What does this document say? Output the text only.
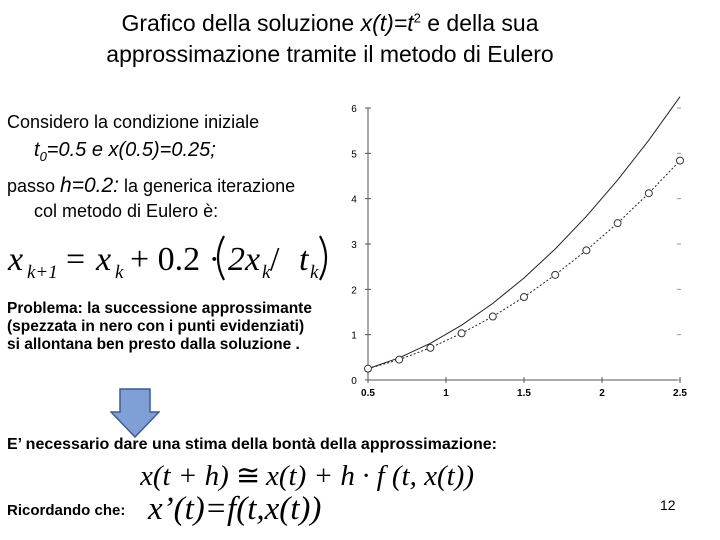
Grafico della soluzione $x(t)=t^2$ e della sua
approssimazione tramite il metodo di Eulero
Considero la condizione iniziale
$t_0=0.5$ e x(0.5)=0.25;
passo h=0.2: la generica iterazione
col metodo di Eulero è:
x k+1 = x k + 0.2 · 2x k / t k
Problema: la successione approssimante (spezzata in nero con i punti evidenziati) si allontana ben presto dalla soluzione .
E’ necessario dare una stima della bontà della approssimazione:
x(t + h) ≅ x(t) + h · f (t, x(t))
Ricordando che: x’(t)=f(t,x(t))	12
0
1
2
3
4
5
6
0.5	1	1.5	2	2.5
